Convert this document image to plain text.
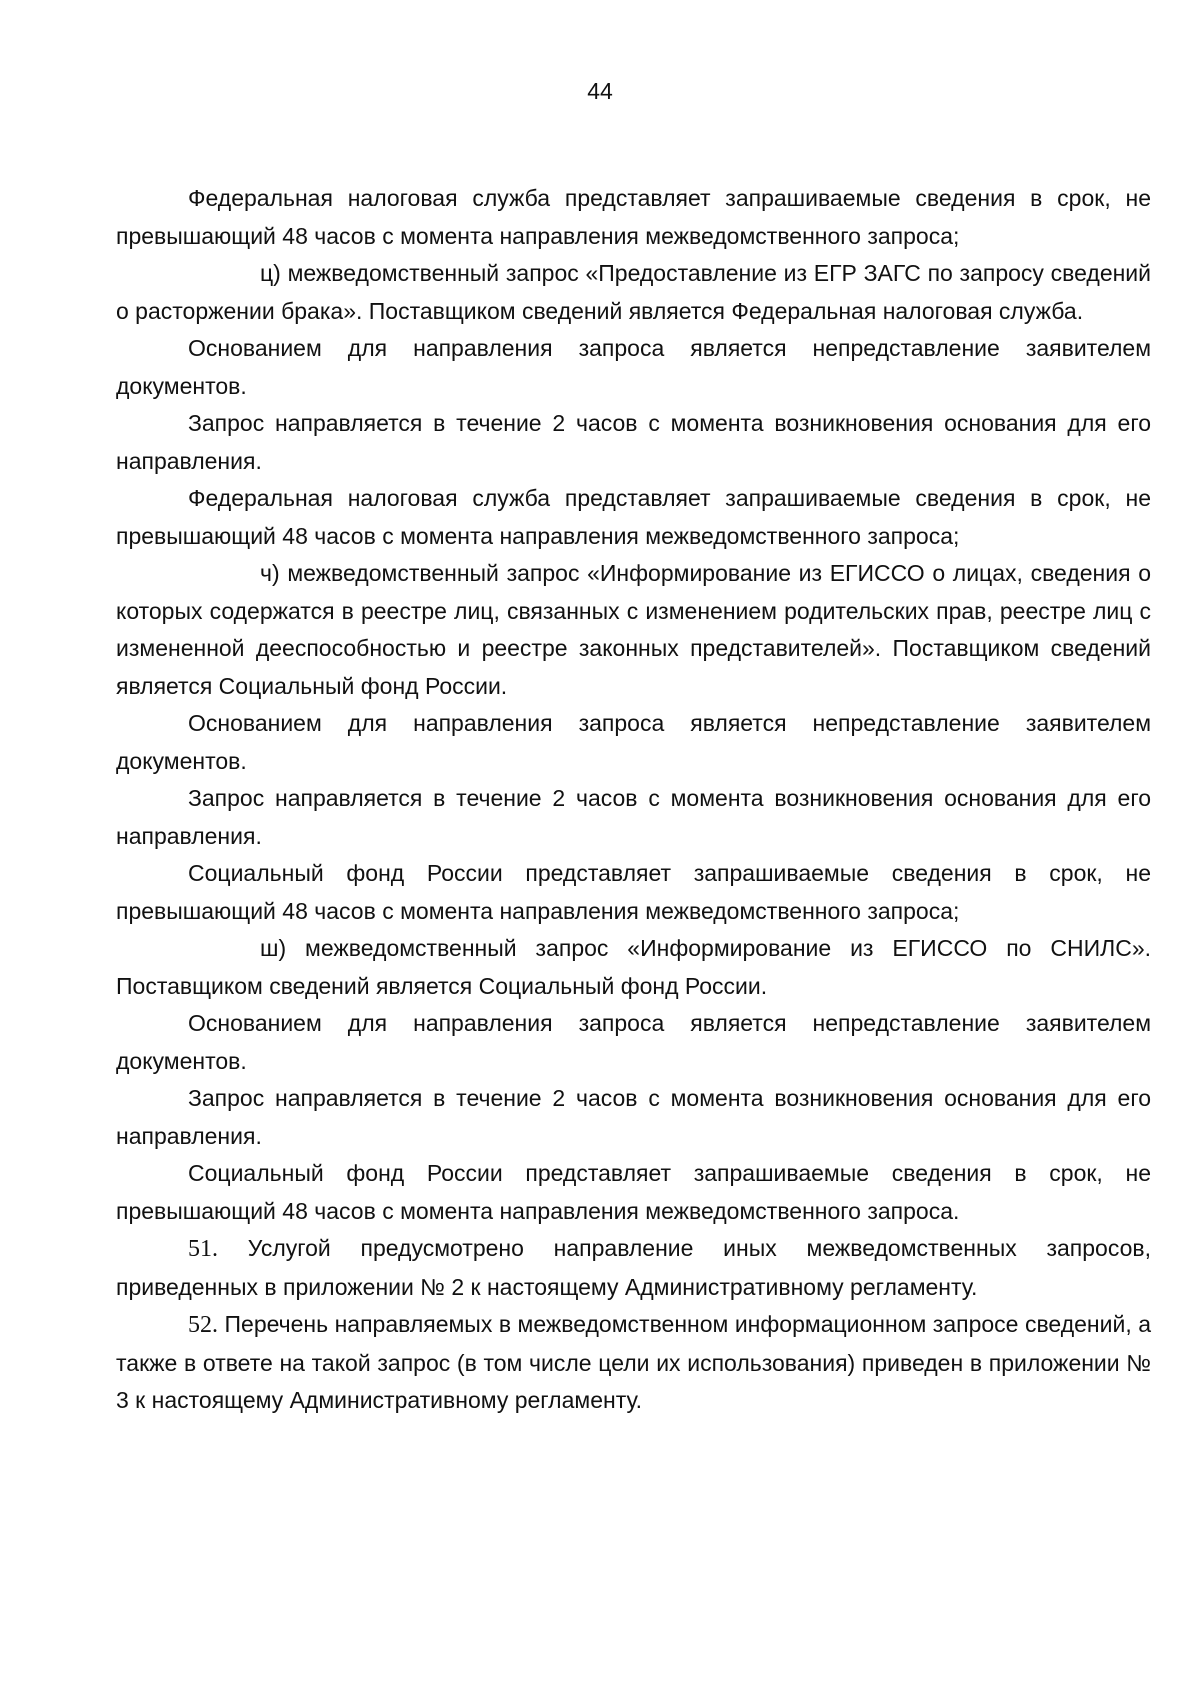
44

Федеральная налоговая служба представляет запрашиваемые сведения в срок, не превышающий 48 часов с момента направления межведомственного запроса;

ц) межведомственный запрос «Предоставление из ЕГР ЗАГС по запросу сведений о расторжении брака». Поставщиком сведений является Федеральная налоговая служба.

Основанием для направления запроса является непредставление заявителем документов.

Запрос направляется в течение 2 часов с момента возникновения основания для его направления.

Федеральная налоговая служба представляет запрашиваемые сведения в срок, не превышающий 48 часов с момента направления межведомственного запроса;

ч) межведомственный запрос «Информирование из ЕГИССО о лицах, сведения о которых содержатся в реестре лиц, связанных с изменением родительских прав, реестре лиц с измененной дееспособностью и реестре законных представителей». Поставщиком сведений является Социальный фонд России.

Основанием для направления запроса является непредставление заявителем документов.

Запрос направляется в течение 2 часов с момента возникновения основания для его направления.

Социальный фонд России представляет запрашиваемые сведения в срок, не превышающий 48 часов с момента направления межведомственного запроса;

ш) межведомственный запрос «Информирование из ЕГИССО по СНИЛС». Поставщиком сведений является Социальный фонд России.

Основанием для направления запроса является непредставление заявителем документов.

Запрос направляется в течение 2 часов с момента возникновения основания для его направления.

Социальный фонд России представляет запрашиваемые сведения в срок, не превышающий 48 часов с момента направления межведомственного запроса.

51. Услугой предусмотрено направление иных межведомственных запросов, приведенных в приложении № 2 к настоящему Административному регламенту.

52. Перечень направляемых в межведомственном информационном запросе сведений, а также в ответе на такой запрос (в том числе цели их использования) приведен в приложении № 3 к настоящему Административному регламенту.
